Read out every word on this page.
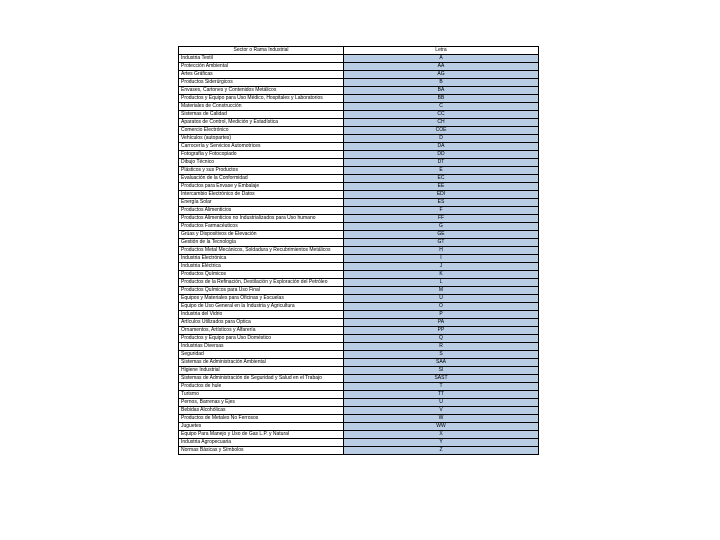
Sector o Rama Industrial	Letra
Industria Textil	A
Protección Ambiental	AA
Artes Gráficas	AG
Productos Siderúrgicos	B
Envases, Cartones y Contenidos Metálicos	BA
Productos y Equipo para Uso Médico, Hospitales y Laboratorios	BB
Materiales de Construcción	C
Sistemas de Calidad	CC
Aparatos de Control, Medición y Estadística	CH
Comercio Electrónico	COE
Vehículos (autopartes)	D
Carrocería y Servicios Automotrices	DA
Fotografía y Fotocopiado	DD
Dibujo Técnico	DT
Plásticos y sus Productos	E
Evaluación de la Conformidad	EC
Productos para Envase y Embalaje	EE
Intercambio Electrónico de Datos	EDI
Energía Solar	ES
Productos Alimenticios	F
Productos Alimenticios no Industrializados para Uso humano	FF
Productos Farmacéuticos	G
Grúas y Dispositivos de Elevación	GE
Gestión de la Tecnología	GT
Productos Metal Mecánicos, Soldadura y Recubrimientos Metálicos	H
Industria Electrónica	I
Industria Eléctrica	J
Productos Químicos	K
Productos de la Refinación, Destilación y Exploración del Petróleo	L
Productos Químicos para Uso Final	M
Equipos y Materiales para Oficinas y Escuelas	U
Equipo de Uso General en la Industria y Agricultura	O
Industria del Vidrio	P
Artículos Utilizados para Óptica	PA
Ornamentos, Artísticos y Alfarería	PP
Productos y Equipo para Uso Doméstico	Q
Industrias Diversas	R
Seguridad	S
Sistemas de Administración Ambiental	SAA
Higiene Industrial	SI
Sistemas de Administración de Seguridad y Salud en el Trabajo	SAST
Productos de hule	T
Turismo	TT
Pernos, Barrenas y Ejes	U
Bebidas Alcohólicas	V
Productos de Metales No Ferrosos	W
Juguetes	WW
Equipo Para Manejo y Uso de Gas L.P. y Natural	X
Industria Agropecuaria	Y
Normas Básicas y Símbolos	Z
